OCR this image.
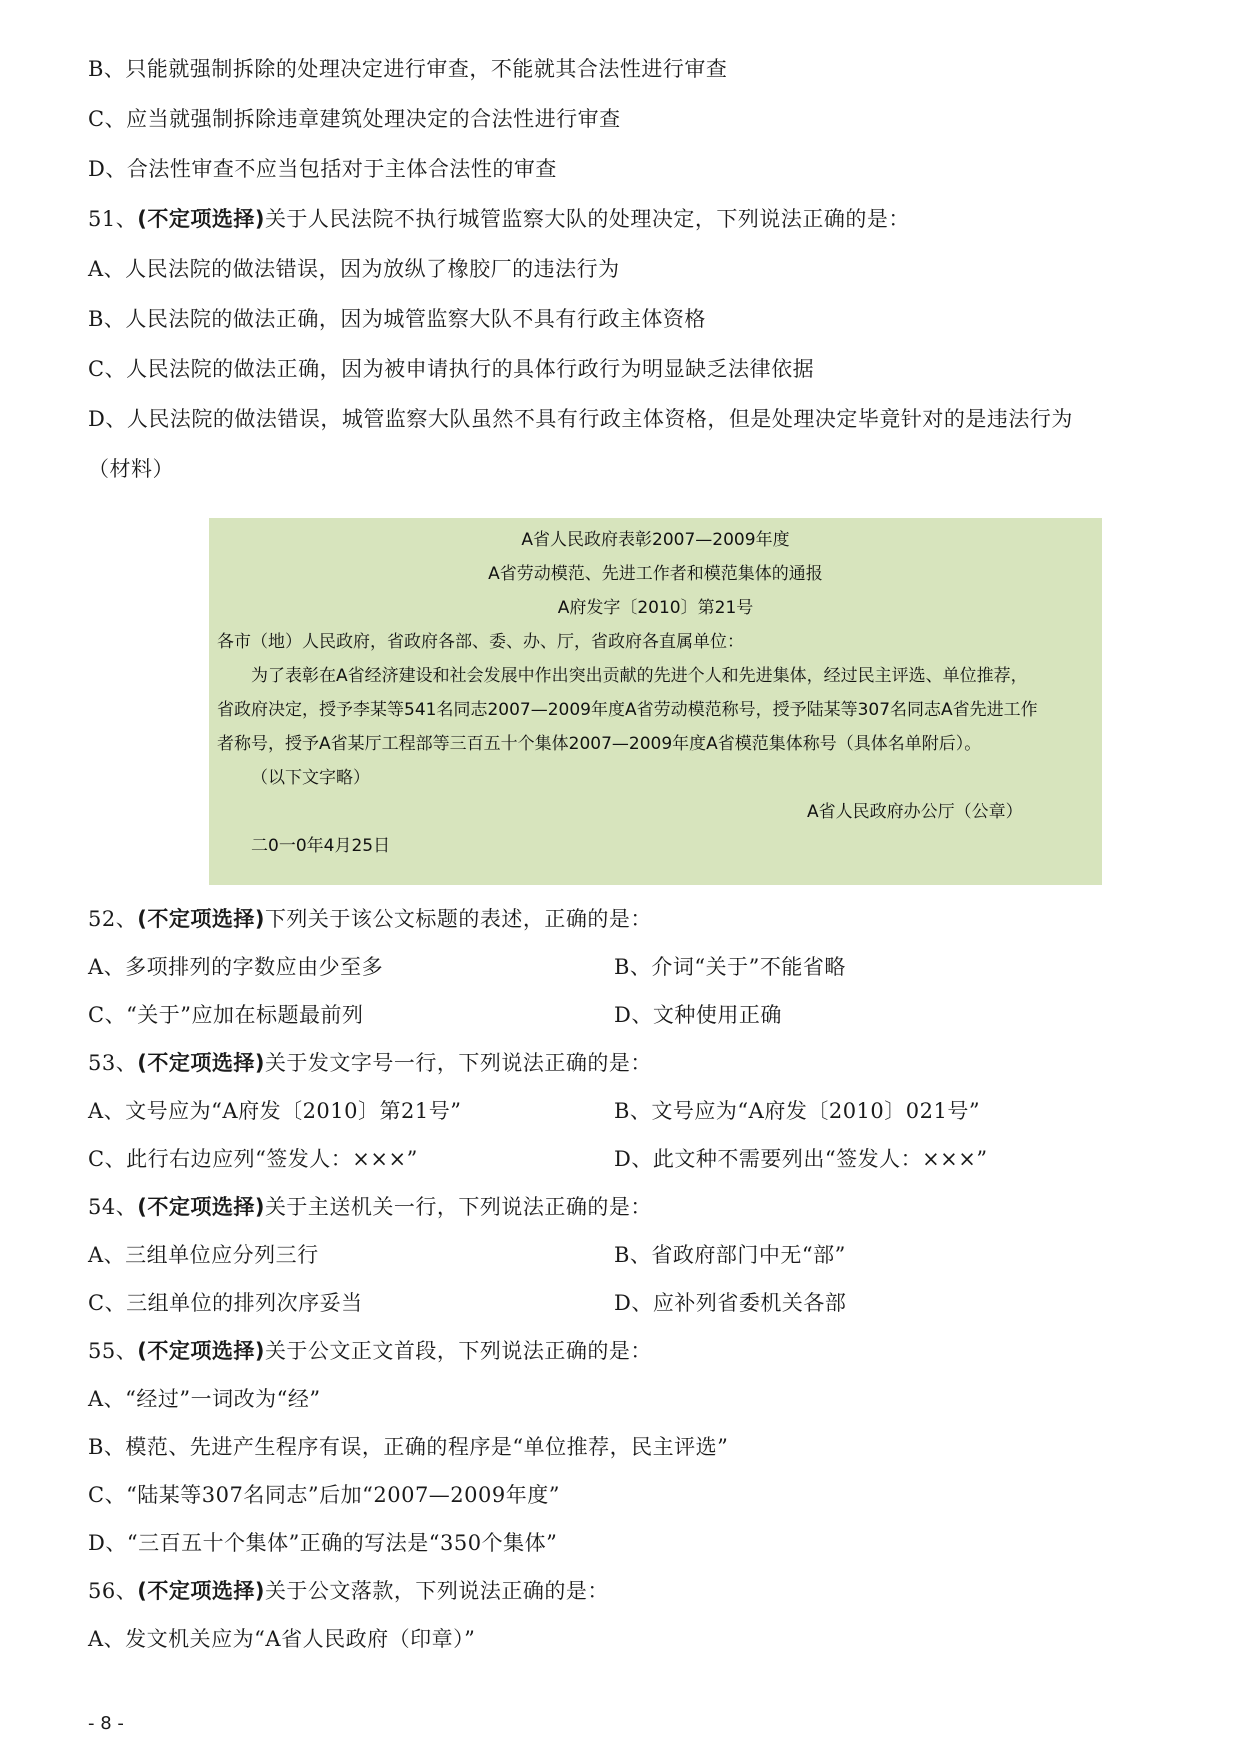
B、只能就强制拆除的处理决定进行审查，不能就其合法性进行审查
C、应当就强制拆除违章建筑处理决定的合法性进行审查
D、合法性审查不应当包括对于主体合法性的审查
51、(不定项选择)关于人民法院不执行城管监察大队的处理决定，下列说法正确的是：
A、人民法院的做法错误，因为放纵了橡胶厂的违法行为
B、人民法院的做法正确，因为城管监察大队不具有行政主体资格
C、人民法院的做法正确，因为被申请执行的具体行政行为明显缺乏法律依据
D、人民法院的做法错误，城管监察大队虽然不具有行政主体资格，但是处理决定毕竟针对的是违法行为
（材料）
A省人民政府表彰2007—2009年度
A省劳动模范、先进工作者和模范集体的通报
A府发字〔2010〕第21号
各市（地）人民政府，省政府各部、委、办、厅，省政府各直属单位：
为了表彰在A省经济建设和社会发展中作出突出贡献的先进个人和先进集体，经过民主评选、单位推荐，
省政府决定，授予李某等541名同志2007—2009年度A省劳动模范称号，授予陆某等307名同志A省先进工作
者称号，授予A省某厅工程部等三百五十个集体2007—2009年度A省模范集体称号（具体名单附后）。
（以下文字略）
A省人民政府办公厅（公章）
二0一0年4月25日
52、(不定项选择)下列关于该公文标题的表述，正确的是：
A、多项排列的字数应由少至多	B、介词“关于”不能省略
C、“关于”应加在标题最前列	D、文种使用正确
53、(不定项选择)关于发文字号一行，下列说法正确的是：
A、文号应为“A府发〔2010〕第21号”	B、文号应为“A府发〔2010〕021号”
C、此行右边应列“签发人：×××”	D、此文种不需要列出“签发人：×××”
54、(不定项选择)关于主送机关一行，下列说法正确的是：
A、三组单位应分列三行	B、省政府部门中无“部”
C、三组单位的排列次序妥当	D、应补列省委机关各部
55、(不定项选择)关于公文正文首段，下列说法正确的是：
A、“经过”一词改为“经”
B、模范、先进产生程序有误，正确的程序是“单位推荐，民主评选”
C、“陆某等307名同志”后加“2007—2009年度”
D、“三百五十个集体”正确的写法是“350个集体”
56、(不定项选择)关于公文落款，下列说法正确的是：
A、发文机关应为“A省人民政府（印章）”
- 8 -
